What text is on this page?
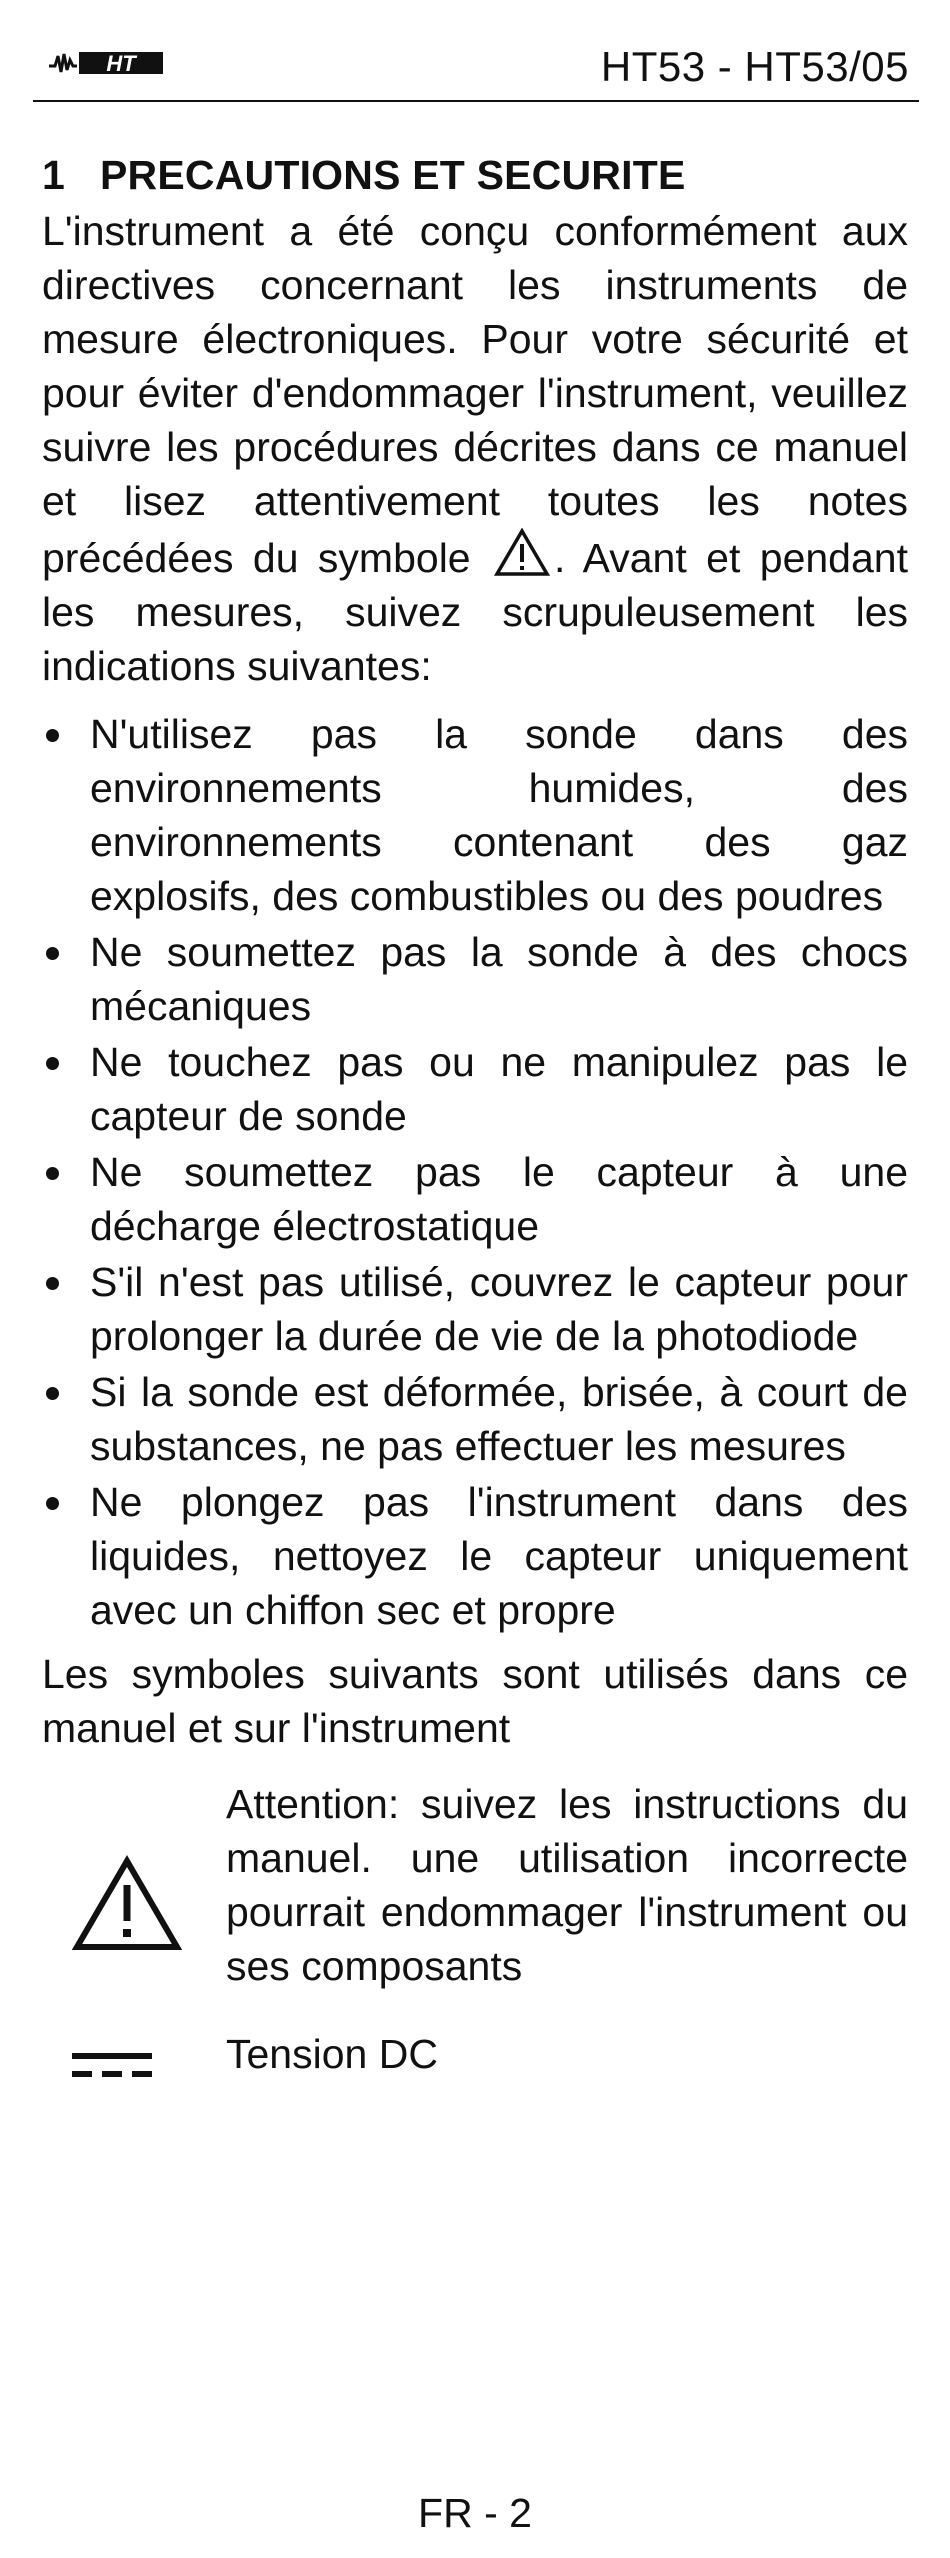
HT	HT53 - HT53/05
1 PRECAUTIONS ET SECURITE

L'instrument a été conçu conformément aux directives concernant les instruments de mesure électroniques. Pour votre sécurité et pour éviter d'endommager l'instrument, veuillez suivre les procédures décrites dans ce manuel et lisez attentivement toutes les notes précédées du symbole . Avant et pendant les mesures, suivez scrupuleusement les indications suivantes:

N'utilisez pas la sonde dans des environnements humides, des environnements contenant des gaz explosifs, des combustibles ou des poudres
Ne soumettez pas la sonde à des chocs mécaniques
Ne touchez pas ou ne manipulez pas le capteur de sonde
Ne soumettez pas le capteur à une décharge électrostatique
S'il n'est pas utilisé, couvrez le capteur pour prolonger la durée de vie de la photodiode
Si la sonde est déformée, brisée, à court de substances, ne pas effectuer les mesures
Ne plongez pas l'instrument dans des liquides, nettoyez le capteur uniquement avec un chiffon sec et propre

Les symboles suivants sont utilisés dans ce manuel et sur l'instrument

Attention: suivez les instructions du manuel. une utilisation incorrecte pourrait endommager l'instrument ou ses composants
Tension DC
FR - 2
